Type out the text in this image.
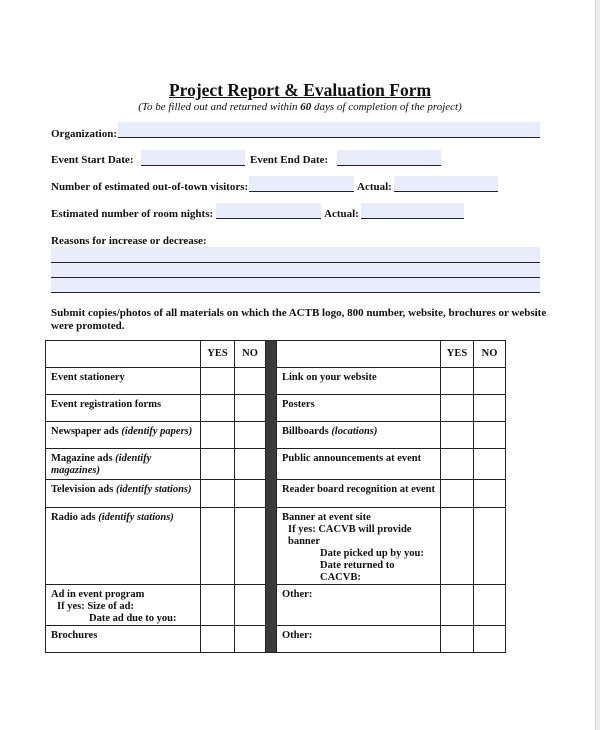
Project Report & Evaluation Form
(To be filled out and returned within 60 days of completion of the project)
Organization:
Event Start Date:	Event End Date:
Number of estimated out-of-town visitors:	Actual:
Estimated number of room nights:	Actual:
Reasons for increase or decrease:
Submit copies/photos of all materials on which the ACTB logo, 800 number, website, brochures or website were promoted.
	YES	NO			YES	NO
Event stationery				Link on your website		
Event registration forms				Posters		
Newspaper ads (identify papers)				Billboards (locations)		
Magazine ads (identify magazines)				Public announcements at event		
Television ads (identify stations)				Reader board recognition at event		
Radio ads (identify stations)				Banner at event site
If yes: CACVB will provide banner
Date picked up by you:
Date returned to CACVB:		

Ad in event program
If yes: Size of ad:
Date ad due to you:				Other:		
Brochures				Other:		
